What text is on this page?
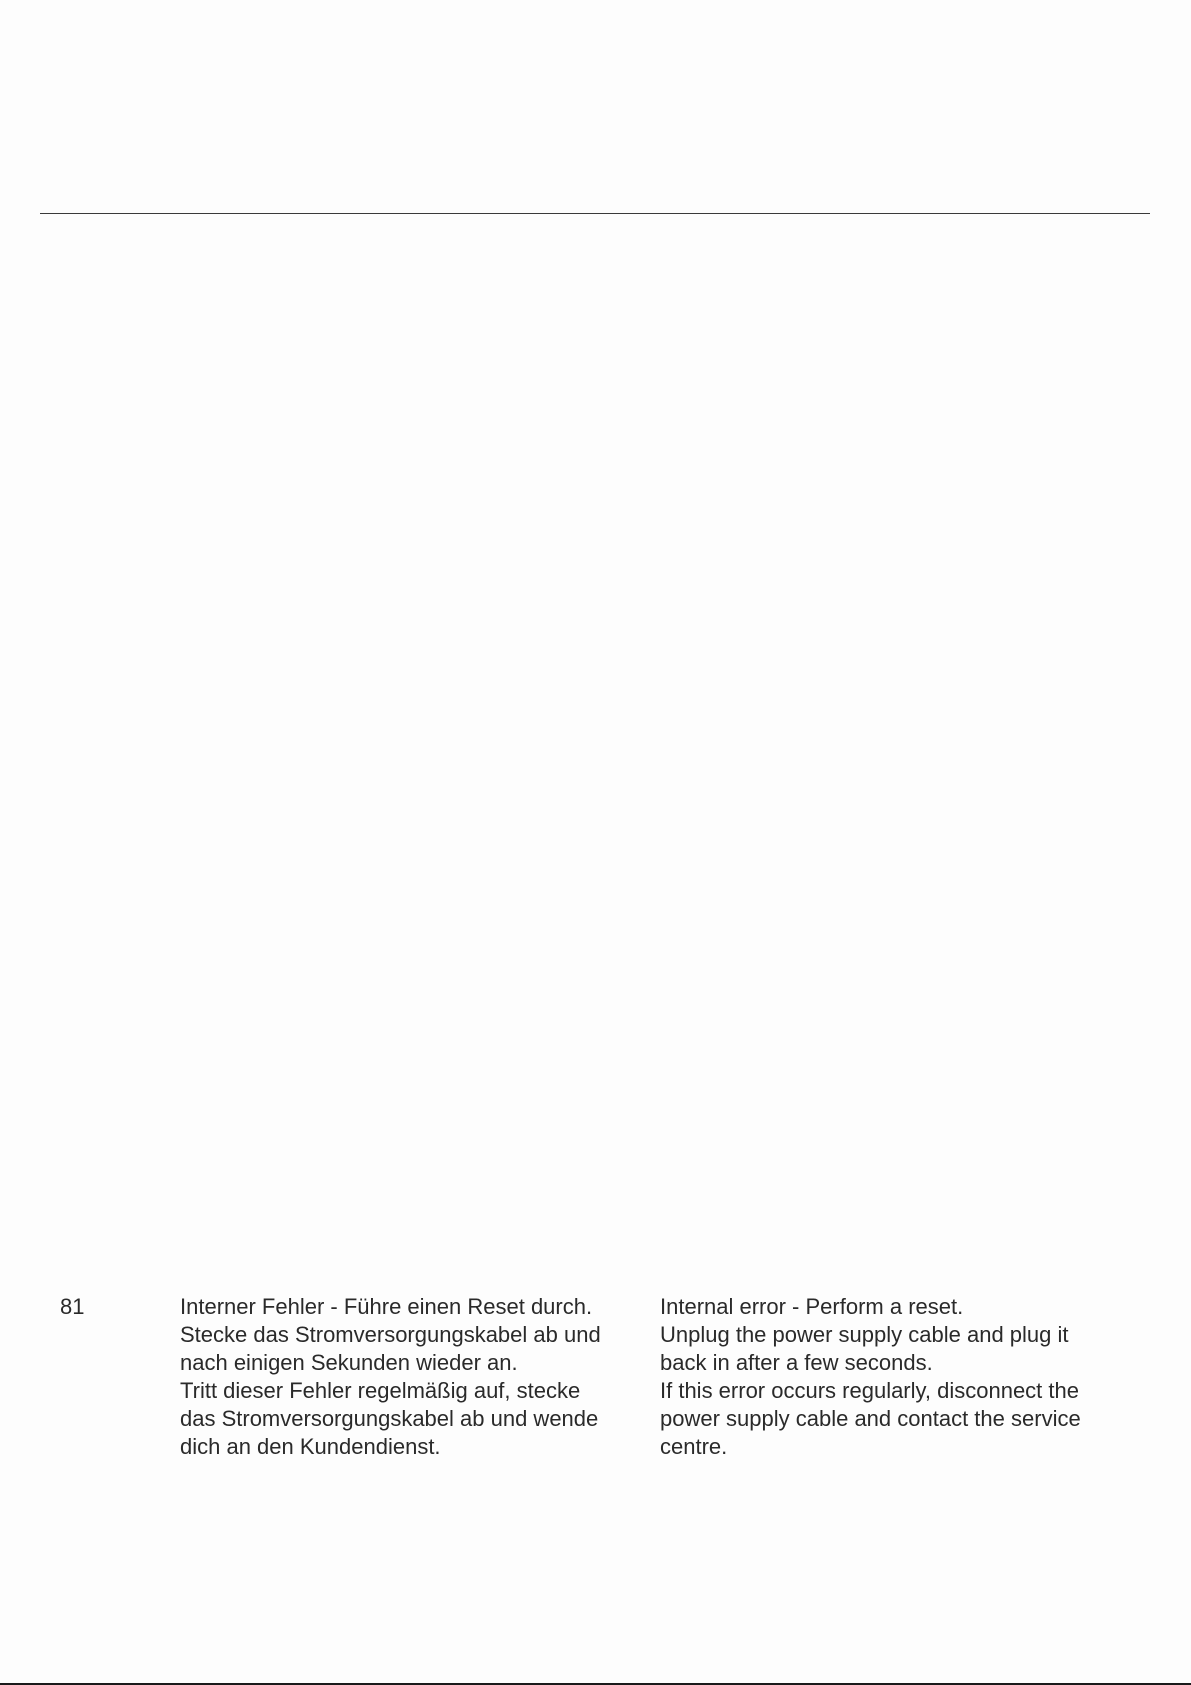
81	Interner Fehler - Führe einen Reset durch.
Stecke das Stromversorgungskabel ab und
nach einigen Sekunden wieder an.
Tritt dieser Fehler regelmäßig auf, stecke
das Stromversorgungskabel ab und wende
dich an den Kundendienst.
Internal error - Perform a reset.
Unplug the power supply cable and plug it
back in after a few seconds.
If this error occurs regularly, disconnect the
power supply cable and contact the service
centre.
